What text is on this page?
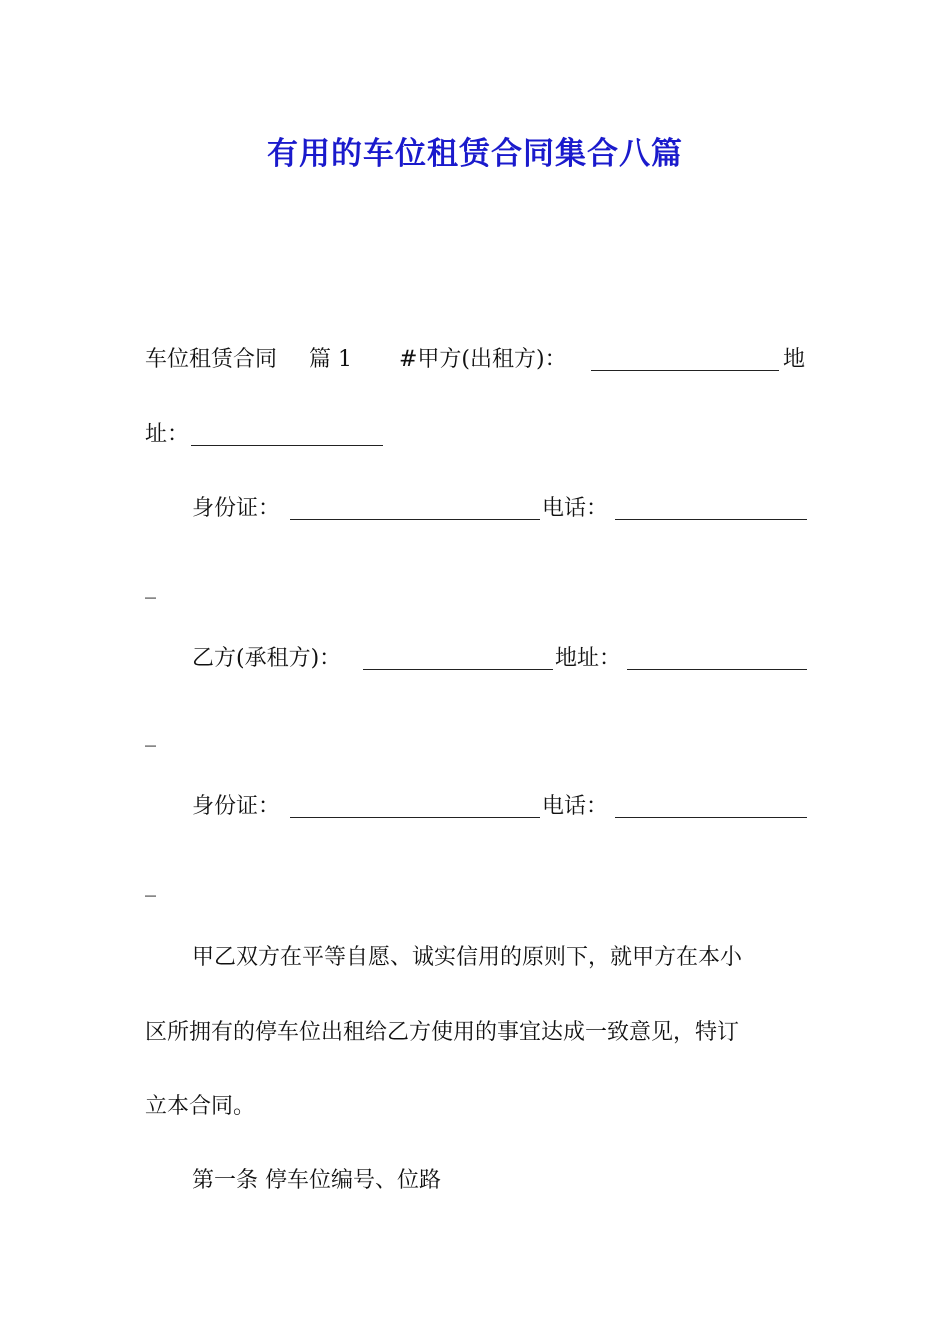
有用的车位租赁合同集合八篇
车位租赁合同 篇 1 #甲方(出租方)：	地
址：
身份证：	电话：
_
乙方(承租方)：	地址：
_
身份证：	电话：
_
甲乙双方在平等自愿、诚实信用的原则下，就甲方在本小
区所拥有的停车位出租给乙方使用的事宜达成一致意见，特订
立本合同。
第一条 停车位编号、位路
